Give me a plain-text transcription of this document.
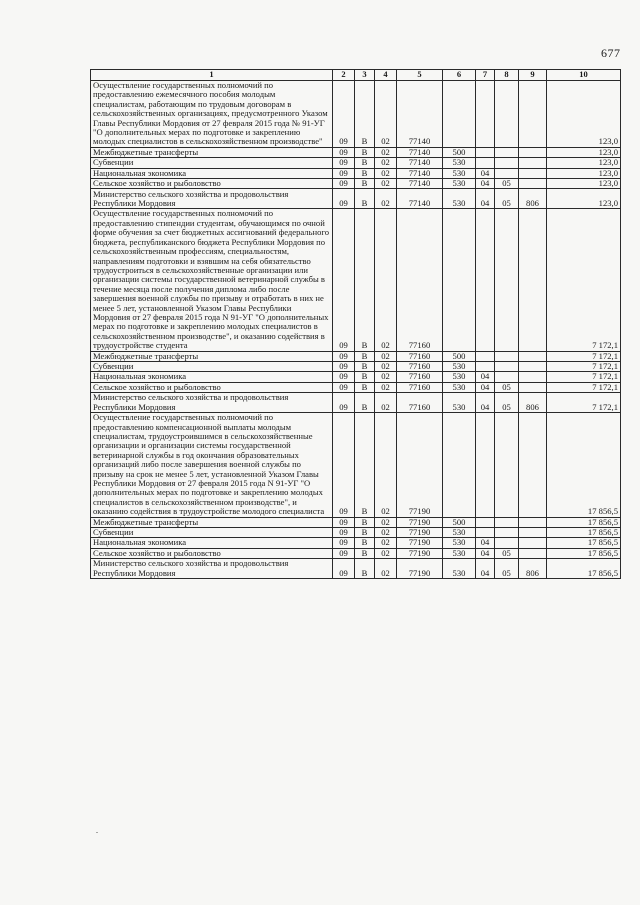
677
1	2	3	4	5	6	7	8	9	10
Осуществление государственных полномочий по предоставлению ежемесячного пособия молодым специалистам, работающим по трудовым договорам в сельскохозяйственных организациях, предусмотренного Указом Главы Республики Мордовия от 27 февраля 2015 года № 91-УГ "О дополнительных мерах по подготовке и закреплению молодых специалистов в сельскохозяйственном производстве"	09	В	02	77140					123,0
Межбюджетные трансферты	09	В	02	77140	500				123,0
Субвенции	09	В	02	77140	530				123,0
Национальная экономика	09	В	02	77140	530	04			123,0
Сельское хозяйство и рыболовство	09	В	02	77140	530	04	05		123,0
Министерство сельского хозяйства и продовольствия Республики Мордовия	09	В	02	77140	530	04	05	806	123,0
Осуществление государственных полномочий по предоставлению стипендии студентам, обучающимся по очной форме обучения за счет бюджетных ассигнований федерального бюджета, республиканского бюджета Республики Мордовия по сельскохозяйственным профессиям, специальностям, направлениям подготовки и взявшим на себя обязательство трудоустроиться в сельскохозяйственные организации или организации системы государственной ветеринарной службы в течение месяца после получения диплома либо после завершения военной службы по призыву и отработать в них не менее 5 лет, установленной Указом Главы Республики Мордовия от 27 февраля 2015 года N 91-УГ "О дополнительных мерах по подготовке и закреплению молодых специалистов в сельскохозяйственном производстве", и оказанию содействия в трудоустройстве студента	09	В	02	77160					7 172,1
Межбюджетные трансферты	09	В	02	77160	500				7 172,1
Субвенции	09	В	02	77160	530				7 172,1
Национальная экономика	09	В	02	77160	530	04			7 172,1
Сельское хозяйство и рыболовство	09	В	02	77160	530	04	05		7 172,1
Министерство сельского хозяйства и продовольствия Республики Мордовия	09	В	02	77160	530	04	05	806	7 172,1
Осуществление государственных полномочий по предоставлению компенсационной выплаты молодым специалистам, трудоустроившимся в сельскохозяйственные организации и организации системы государственной ветеринарной службы в год окончания образовательных организаций либо после завершения военной службы по призыву на срок не менее 5 лет, установленной Указом Главы Республики Мордовия от 27 февраля 2015 года N 91-УГ "О дополнительных мерах по подготовке и закреплению молодых специалистов в сельскохозяйственном производстве", и оказанию содействия в трудоустройстве молодого специалиста	09	В	02	77190					17 856,5
Межбюджетные трансферты	09	В	02	77190	500				17 856,5
Субвенции	09	В	02	77190	530				17 856,5
Национальная экономика	09	В	02	77190	530	04			17 856,5
Сельское хозяйство и рыболовство	09	В	02	77190	530	04	05		17 856,5
Министерство сельского хозяйства и продовольствия Республики Мордовия	09	В	02	77190	530	04	05	806	17 856,5
.
